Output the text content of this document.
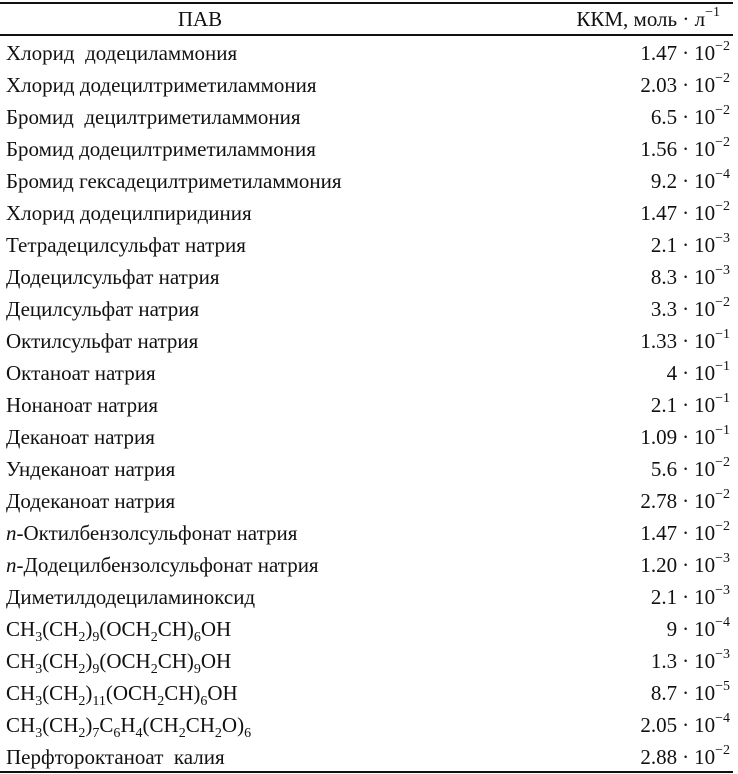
ПАВ	ККМ, моль · $л^{-1}$
Хлорид  додециламмония	$1.47 \cdot 10^{-2}$
Хлорид додецилтриметиламмония	$2.03 \cdot 10^{-2}$
Бромид  децилтриметиламмония	$6.5 \cdot 10^{-2}$
Бромид додецилтриметиламмония	$1.56 \cdot 10^{-2}$
Бромид гексадецилтриметиламмония	$9.2 \cdot 10^{-4}$
Хлорид додецилпиридиния	$1.47 \cdot 10^{-2}$
Тетрадецилсульфат натрия	$2.1 \cdot 10^{-3}$
Додецилсульфат натрия	$8.3 \cdot 10^{-3}$
Децилсульфат натрия	$3.3 \cdot 10^{-2}$
Октилсульфат натрия	$1.33 \cdot 10^{-1}$
Октаноат натрия	$4 \cdot 10^{-1}$
Нонаноат натрия	$2.1 \cdot 10^{-1}$
Деканоат натрия	$1.09 \cdot 10^{-1}$
Ундеканоат натрия	$5.6 \cdot 10^{-2}$
Додеканоат натрия	$2.78 \cdot 10^{-2}$
n-Октилбензолсульфонат натрия	$1.47 \cdot 10^{-2}$
n-Додецилбензолсульфонат натрия	$1.20 \cdot 10^{-3}$
Диметилдодециламиноксид	$2.1 \cdot 10^{-3}$
$CH_3(CH_2)_9(OCH_2CH)_6OH$	$9 \cdot 10^{-4}$
$CH_3(CH_2)_9(OCH_2CH)_9OH$	$1.3 \cdot 10^{-3}$
$CH_3(CH_2)_{11}(OCH_2CH)_6OH$	$8.7 \cdot 10^{-5}$
$CH_3(CH_2)_7C_6H_4(CH_2CH_2O)_6$	$2.05 \cdot 10^{-4}$
Перфтороктаноат  калия	$2.88 \cdot 10^{-2}$
